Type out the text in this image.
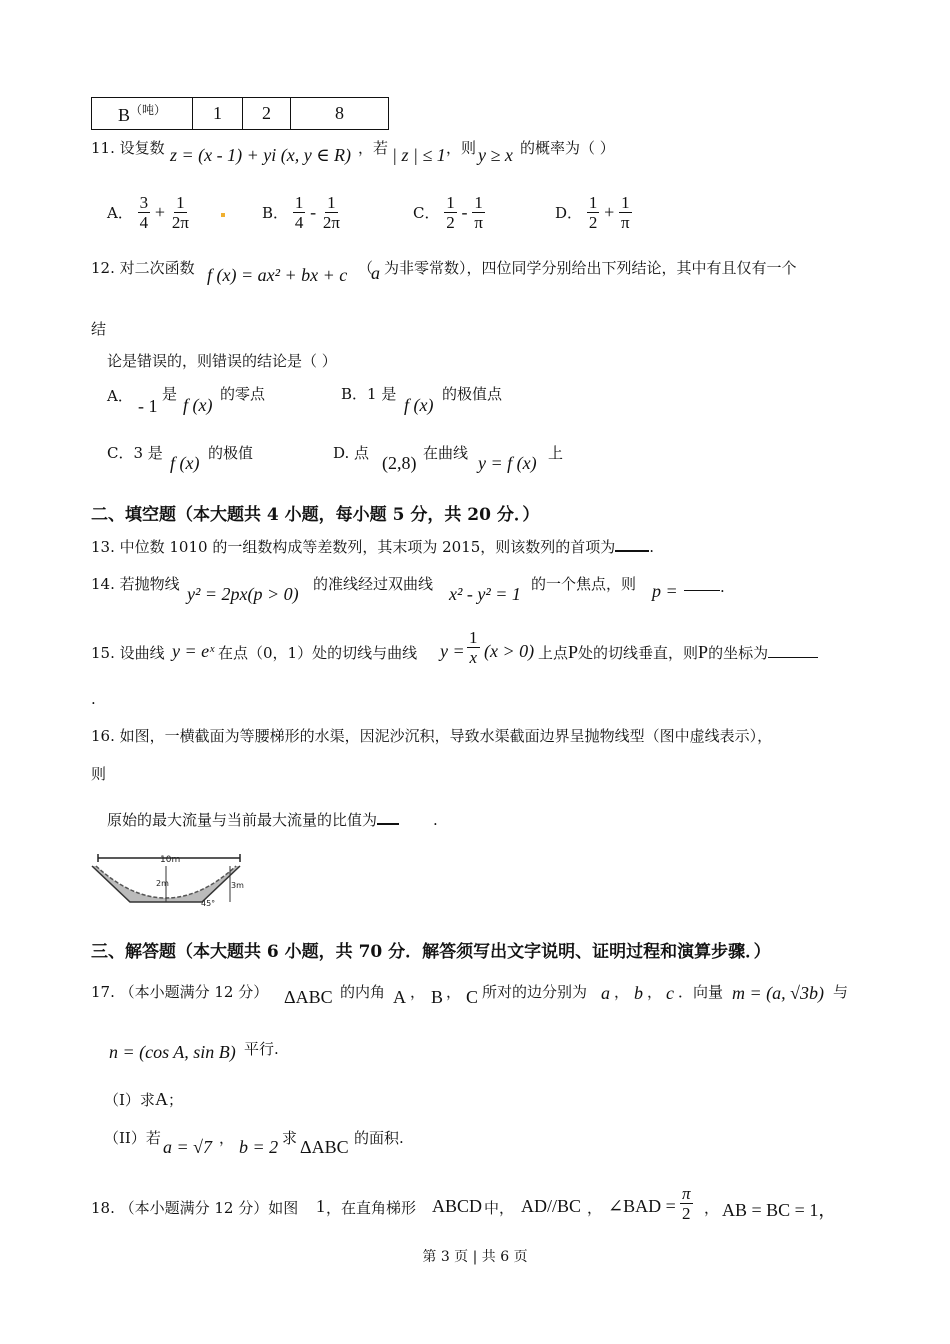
$B^{(吨)}$	1	2	8
11. 设复数 z = (x - 1) + yi (x, y ∈ R) ，若 | z | ≤ 1 ，则 y ≥ x 的概率为（ ）
A． $\frac{3}{4} + \frac{1}{2\pi}$	B． $\frac{1}{4} - \frac{1}{2\pi}$	C． $\frac{1}{2} - \frac{1}{\pi}$	D． $\frac{1}{2} + \frac{1}{\pi}$
12. 对二次函数 f (x) = ax² + bx + c （
a 为非零常数），四位同学分别给出下列结论，其中有且仅有一个
结
论是错误的，则错误的结论是（ ）
A． - 1
是
f (x)
的零点	B．1 是
f (x)
的极值点
C．3 是 f (x) 的极值	D. 点 (2,8) 在曲线 y = f (x) 上
二、填空题（本大题共 4 小题，每小题 5 分，共 20 分．）
13. 中位数 1010 的一组数构成等差数列，其末项为 2015，则该数列的首项为 .
14. 若抛物线 y² = 2px(p > 0) 的准线经过双曲线 x² - y² = 1 的一个焦点，则 p =	.
15. 设曲线 y = eˣ 在点（0，1）处的切线与曲线 $y = \frac{1}{x} (x > 0)$ 上点P处的切线垂直，则P的坐标为
.
16. 如图，一横截面为等腰梯形的水渠，因泥沙沉积，导致水渠截面边界呈抛物线型（图中虚线表示），
则
原始的最大流量与当前最大流量的比值为	.
10m
2m	3m
45°
三、解答题（本大题共 6 小题，共 70 分．解答须写出文字说明、证明过程和演算步骤．）
17. （本小题满分 12 分） ΔABC 的内角 A ， B ， C 所对的边分别为 a ， b ， c ．向量 m = (a, √3b) 与
n = (cos A, sin B) 平行.
（I）求A；
（II）若 a = √7 ， b = 2 求 ΔABC 的面积.
18. （本小题满分 12 分）如图 1 ，在直角梯形 ABCD 中， AD//BC ， ∠BAD = $\frac{\pi}{2}$ ， AB = BC = 1，
第 3 页 | 共 6 页
